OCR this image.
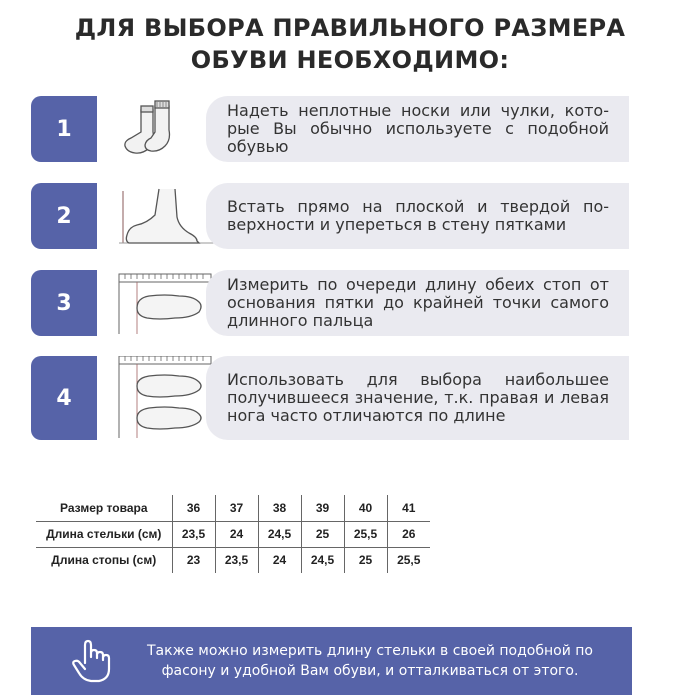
ДЛЯ ВЫБОРА ПРАВИЛЬНОГО РАЗМЕРА
ОБУВИ НЕОБХОДИМО:
1
Надеть неплотные носки или чулки, кото-рые Вы обычно используете с подобной обувью
2	Встать прямо на плоской и твердой по-верхности и упереться в стену пятками
3
Измерить по очереди длину обеих стоп от основания пятки до крайней точки самого длинного пальца
4
Использовать для выбора наибольшее получившееся значение, т.к. правая и левая нога часто отличаются по длине
Размер товара	36	37	38	39	40	41
Длина стельки (см)	23,5	24	24,5	25	25,5	26
Длина стопы (см)	23	23,5	24	24,5	25	25,5
Также можно измерить длину стельки в своей подобной по фасону и удобной Вам обуви, и отталкиваться от этого.
